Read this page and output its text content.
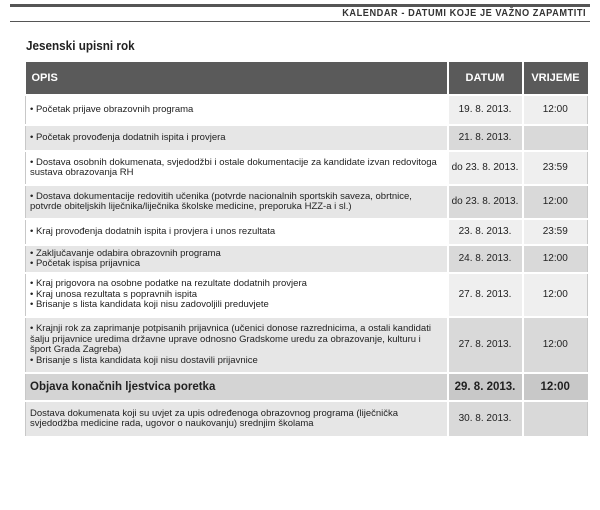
KALENDAR - DATUMI KOJE JE VAŽNO ZAPAMTITI
Jesenski upisni rok
OPIS	DATUM	VRIJEME

• Početak prijave obrazovnih programa	19. 8. 2013.	12:00

• Početak provođenja dodatnih ispita i provjera	21. 8. 2013.	

• Dostava osobnih dokumenata, svjedodžbi i ostale dokumentacije za kandidate izvan redovitoga sustava obrazovanja RH	do 23. 8. 2013.	23:59

• Dostava dokumentacije redovitih učenika (potvrde nacionalnih sportskih saveza, obrtnice, potvrde obiteljskih liječnika/liječnika školske medicine, preporuka HZZ-a i sl.)	do 23. 8. 2013.	12:00

• Kraj provođenja dodatnih ispita i provjera i unos rezultata	23. 8. 2013.	23:59

• Zaključavanje odabira obrazovnih programa
• Početak ispisa prijavnica	24. 8. 2013.	12:00

• Kraj prigovora na osobne podatke na rezultate dodatnih provjera
• Kraj unosa rezultata s popravnih ispita
• Brisanje s lista kandidata koji nisu zadovoljili preduvjete	27. 8. 2013.	12:00

• Krajnji rok za zaprimanje potpisanih prijavnica (učenici donose razrednicima, a ostali kandidati šalju prijavnice uredima državne uprave odnosno Gradskome uredu za obrazovanje, kulturu i šport Grada Zagreba)
• Brisanje s lista kandidata koji nisu dostavili prijavnice	27. 8. 2013.	12:00

Objava konačnih ljestvica poretka	29. 8. 2013.	12:00

Dostava dokumenata koji su uvjet za upis određenoga obrazovnog programa (liječnička svjedodžba medicine rada, ugovor o naukovanju) srednjim školama	30. 8. 2013.	
